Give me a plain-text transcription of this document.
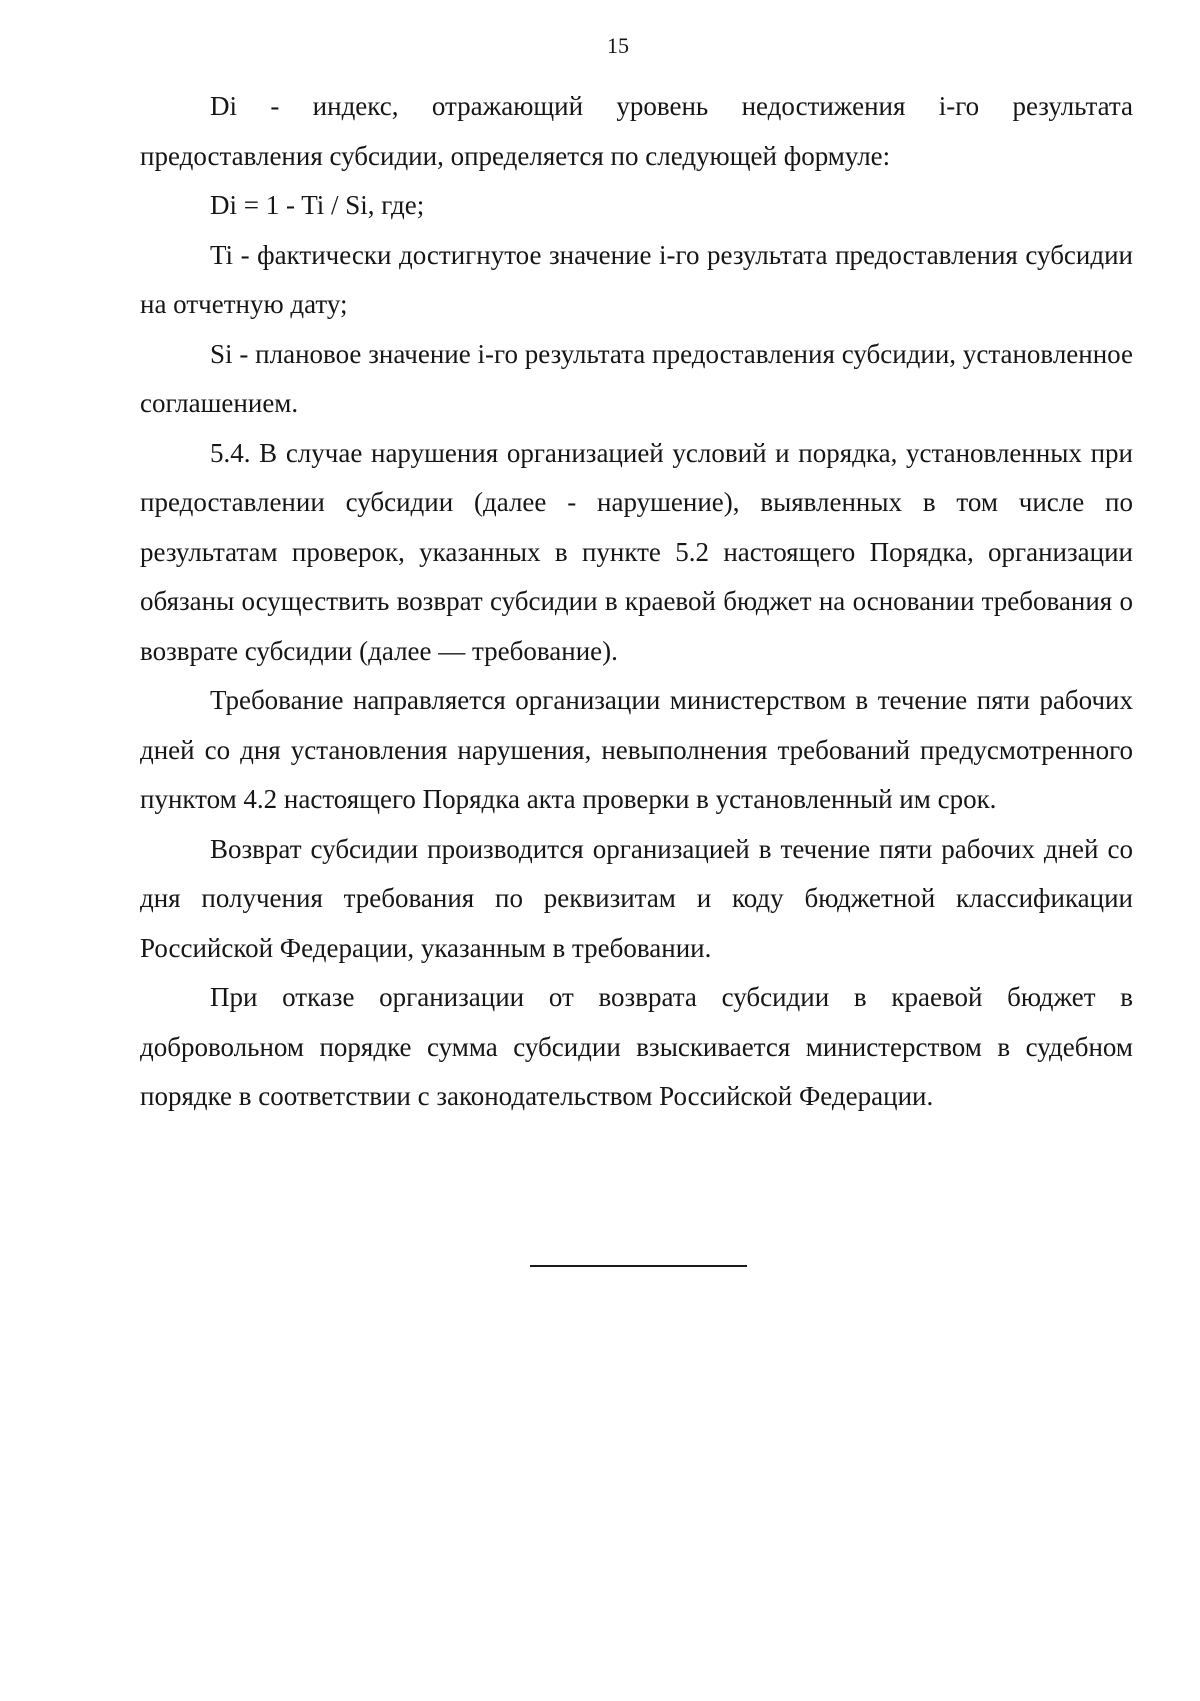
15

Di - индекс, отражающий уровень недостижения i-го результата предоставления субсидии, определяется по следующей формуле:

Di = 1 - Ti / Si, где;

Ti - фактически достигнутое значение i-го результата предоставления субсидии на отчетную дату;

Si - плановое значение i-го результата предоставления субсидии, установленное соглашением.

5.4. В случае нарушения организацией условий и порядка, установленных при предоставлении субсидии (далее - нарушение), выявленных в том числе по результатам проверок, указанных в пункте 5.2 настоящего Порядка, организации обязаны осуществить возврат субсидии в краевой бюджет на основании требования о возврате субсидии (далее — требование).

Требование направляется организации министерством в течение пяти рабочих дней со дня установления нарушения, невыполнения требований предусмотренного пунктом 4.2 настоящего Порядка акта проверки в установленный им срок.

Возврат субсидии производится организацией в течение пяти рабочих дней со дня получения требования по реквизитам и коду бюджетной классификации Российской Федерации, указанным в требовании.

При отказе организации от возврата субсидии в краевой бюджет в добровольном порядке сумма субсидии взыскивается министерством в судебном порядке в соответствии с законодательством Российской Федерации.
